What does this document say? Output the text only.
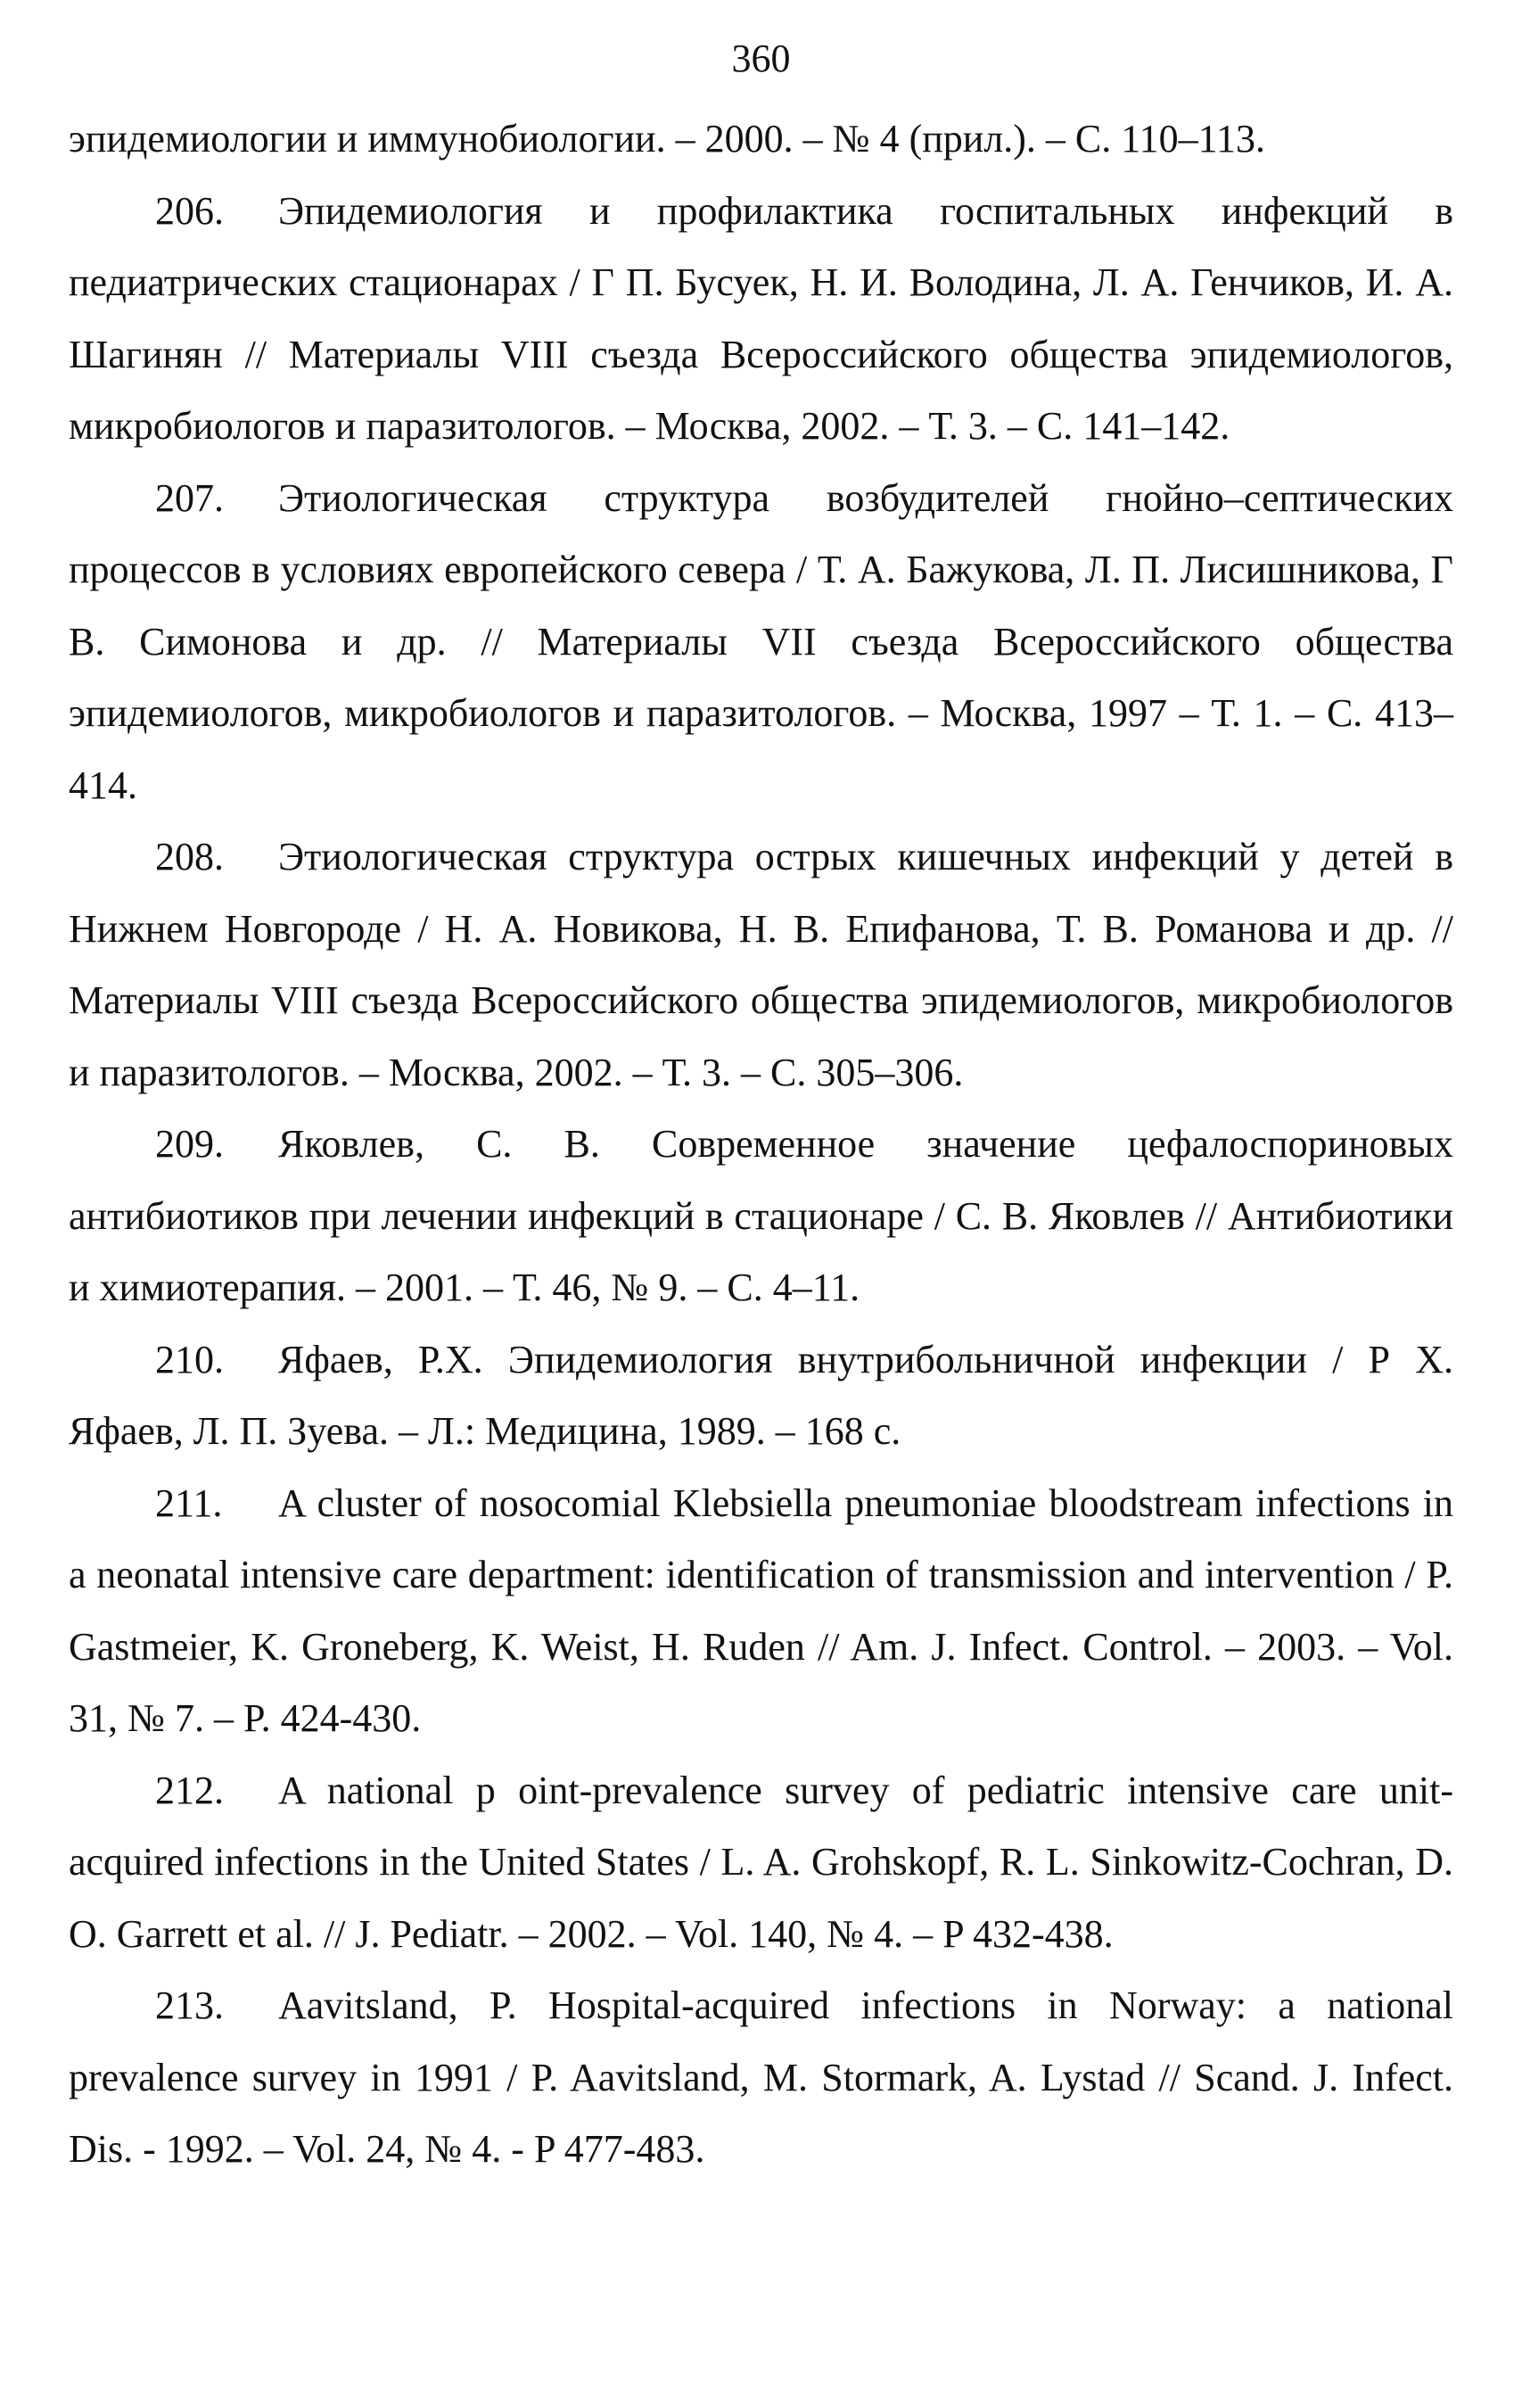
360

эпидемиологии и иммунобиологии. – 2000. – № 4 (прил.). – С. 110–113.

206. Эпидемиология и профилактика госпитальных инфекций в педиатрических стационарах / Г П. Бусуек, Н. И. Володина, Л. А. Генчиков, И. А. Шагинян // Материалы VIII съезда Всероссийского общества эпидемиологов, микробиологов и паразитологов. – Москва, 2002. – Т. 3. – С. 141–142.

207. Этиологическая структура возбудителей гнойно–септических процессов в условиях европейского севера / Т. А. Бажукова, Л. П. Лисишникова, Г В. Симонова и др. // Материалы VII съезда Всероссийского общества эпидемиологов, микробиологов и паразитологов. – Москва, 1997 – Т. 1. – С. 413–414.

208. Этиологическая структура острых кишечных инфекций у детей в Нижнем Новгороде / Н. А. Новикова, Н. В. Епифанова, Т. В. Романова и др. // Материалы VIII съезда Всероссийского общества эпидемиологов, микробиологов и паразитологов. – Москва, 2002. – Т. 3. – С. 305–306.

209. Яковлев, С. В. Современное значение цефалоспориновых антибиотиков при лечении инфекций в стационаре / С. В. Яковлев // Антибиотики и химиотерапия. – 2001. – Т. 46, № 9. – С. 4–11.

210. Яфаев, Р.Х. Эпидемиология внутрибольничной инфекции / Р Х. Яфаев, Л. П. Зуева. – Л.: Медицина, 1989. – 168 с.

211. A cluster of nosocomial Klebsiella pneumoniae bloodstream infections in a neonatal intensive care department: identification of transmission and intervention / P. Gastmeier, K. Groneberg, K. Weist, H. Ruden // Am. J. Infect. Control. – 2003. – Vol. 31, № 7. – P. 424-430.

212. A national p oint-prevalence survey of pediatric intensive care unit-acquired infections in the United States / L. A. Grohskopf, R. L. Sinkowitz-Cochran, D. O. Garrett et al. // J. Pediatr. – 2002. – Vol. 140, № 4. – P 432-438.

213. Aavitsland, P. Hospital-acquired infections in Norway: a national prevalence survey in 1991 / P. Aavitsland, M. Stormark, A. Lystad // Scand. J. Infect. Dis. - 1992. – Vol. 24, № 4. - P 477-483.
